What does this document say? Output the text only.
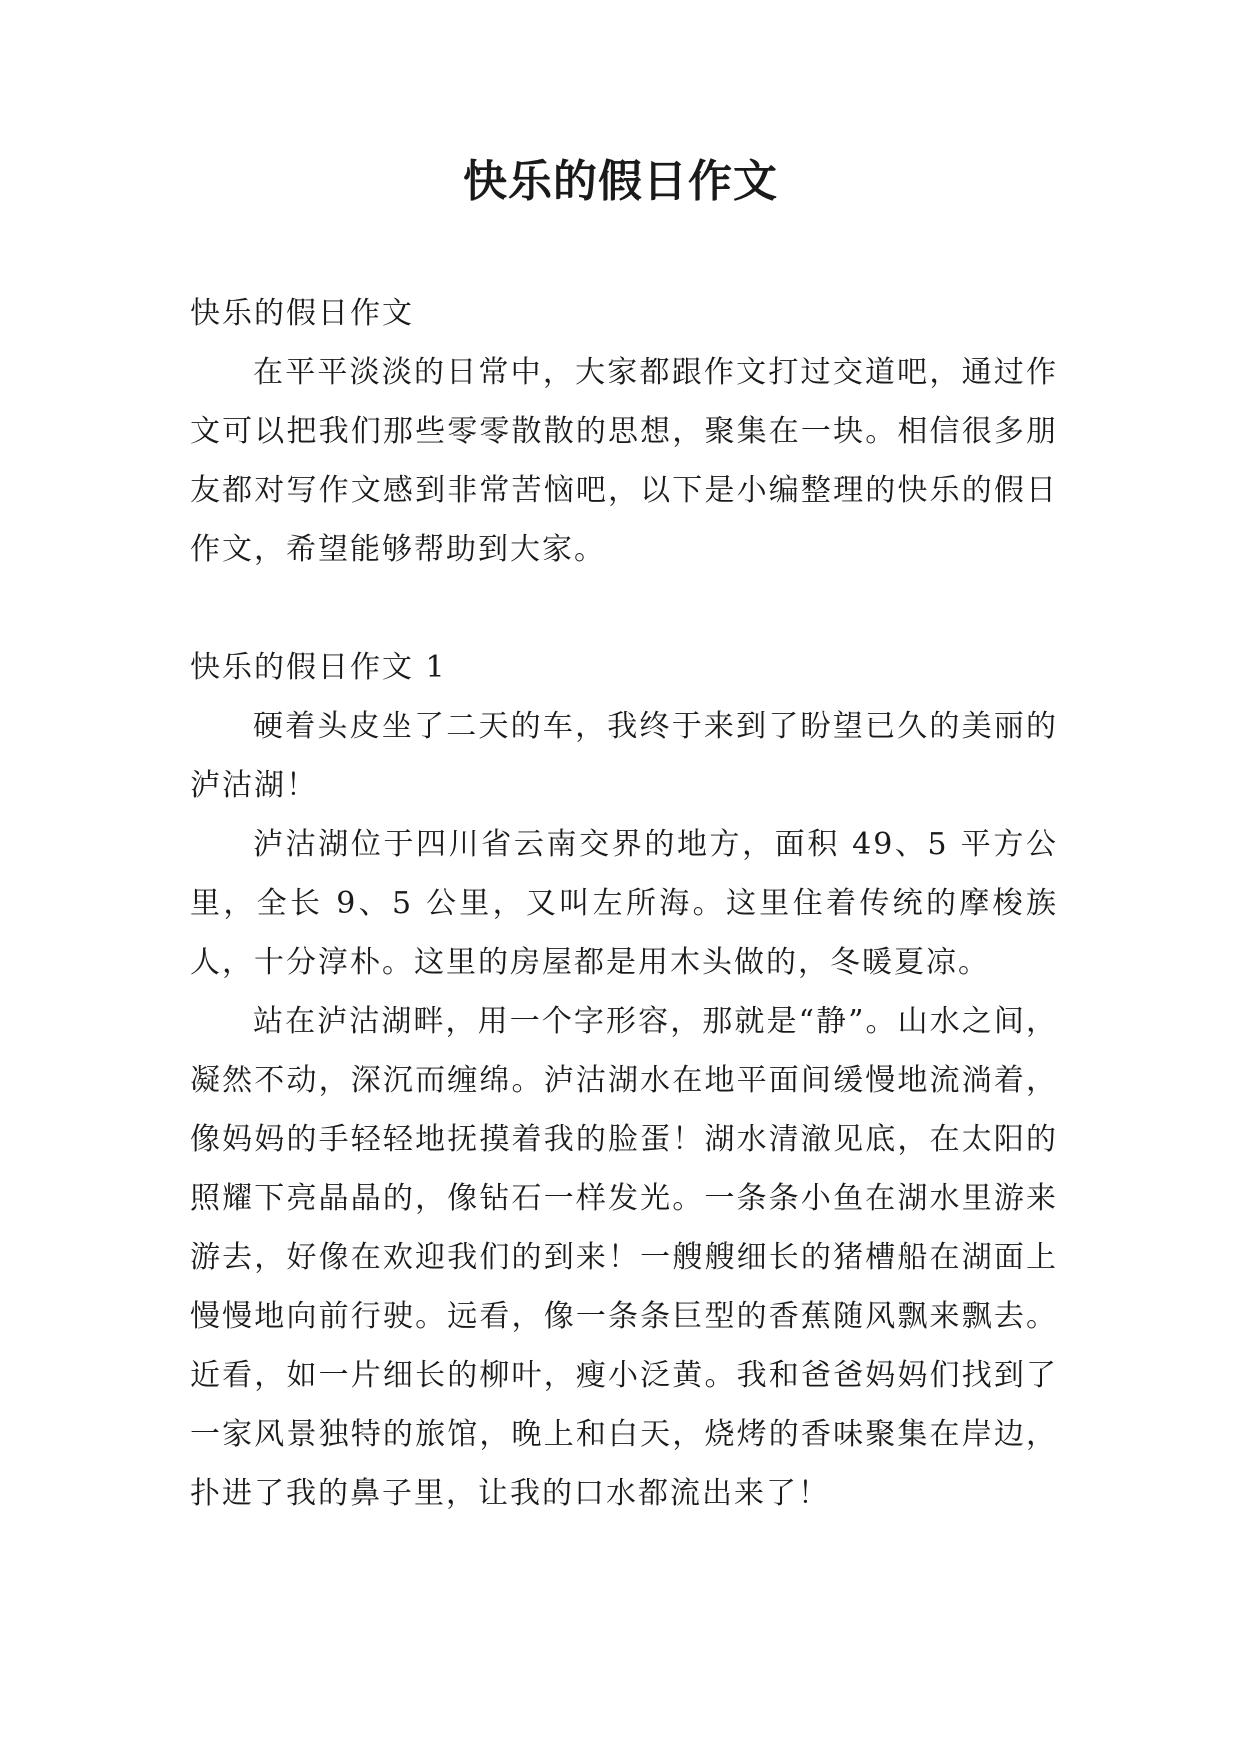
快乐的假日作文

快乐的假日作文

在平平淡淡的日常中，大家都跟作文打过交道吧，通过作文可以把我们那些零零散散的思想，聚集在一块。相信很多朋友都对写作文感到非常苦恼吧，以下是小编整理的快乐的假日作文，希望能够帮助到大家。

快乐的假日作文 1

硬着头皮坐了二天的车，我终于来到了盼望已久的美丽的泸沽湖！

泸沽湖位于四川省云南交界的地方，面积 49、5 平方公里，全长 9、5 公里，又叫左所海。这里住着传统的摩梭族人，十分淳朴。这里的房屋都是用木头做的，冬暖夏凉。

站在泸沽湖畔，用一个字形容，那就是“静”。山水之间，凝然不动，深沉而缠绵。泸沽湖水在地平面间缓慢地流淌着，像妈妈的手轻轻地抚摸着我的脸蛋！湖水清澈见底，在太阳的照耀下亮晶晶的，像钻石一样发光。一条条小鱼在湖水里游来游去，好像在欢迎我们的到来！一艘艘细长的猪槽船在湖面上慢慢地向前行驶。远看，像一条条巨型的香蕉随风飘来飘去。近看，如一片细长的柳叶，瘦小泛黄。我和爸爸妈妈们找到了一家风景独特的旅馆，晚上和白天，烧烤的香味聚集在岸边，扑进了我的鼻子里，让我的口水都流出来了！
